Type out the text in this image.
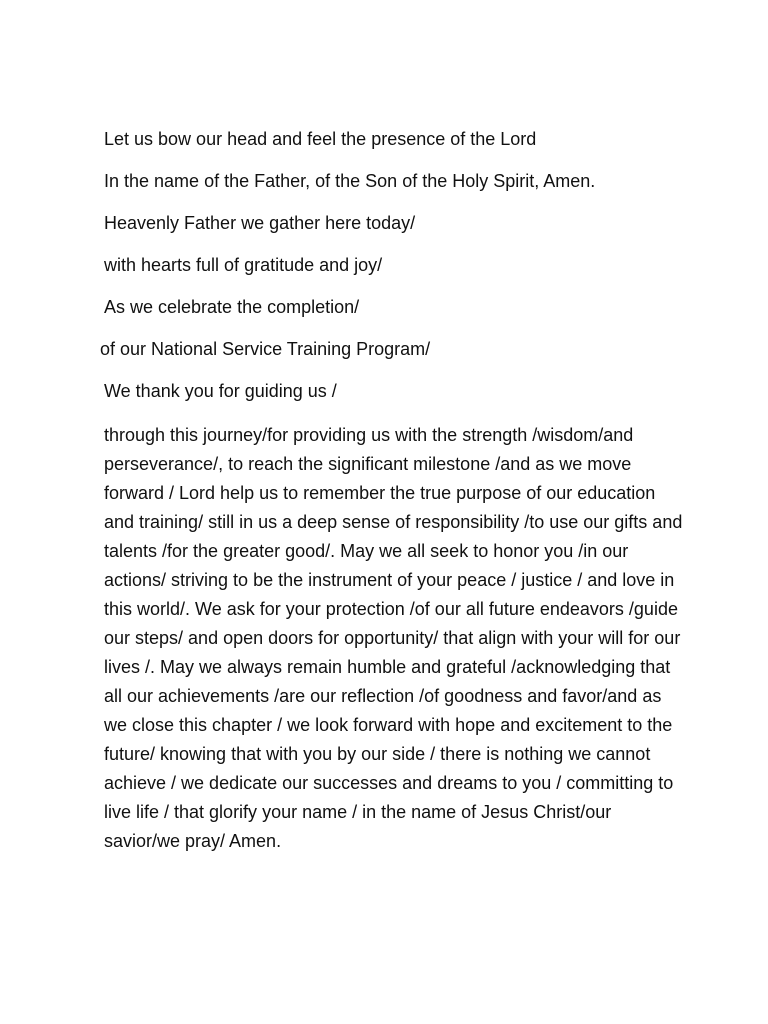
Let us bow our head and feel the presence of the Lord

In the name of the Father, of the Son of the Holy Spirit, Amen.

Heavenly Father we gather here today/

with hearts full of gratitude and joy/

As we celebrate the completion/

of our National Service Training Program/

We thank you for guiding us /

through this journey/for providing us with the strength /wisdom/and perseverance/, to reach the significant milestone /and as we move forward / Lord help us to remember the true purpose of our education and training/ still in us a deep sense of responsibility /to use our gifts and talents /for the greater good/. May we all seek to honor you /in our actions/ striving to be the instrument of your peace / justice / and love in this world/. We ask for your protection /of our all future endeavors /guide our steps/ and open doors for opportunity/ that align with your will for our lives /. May we always remain humble and grateful /acknowledging that all our achievements /are our reflection /of goodness and favor/and as we close this chapter / we look forward with hope and excitement to the future/ knowing that with you by our side / there is nothing we cannot achieve / we dedicate our successes and dreams to you / committing to live life / that glorify your name / in the name of Jesus Christ/our savior/we pray/ Amen.
